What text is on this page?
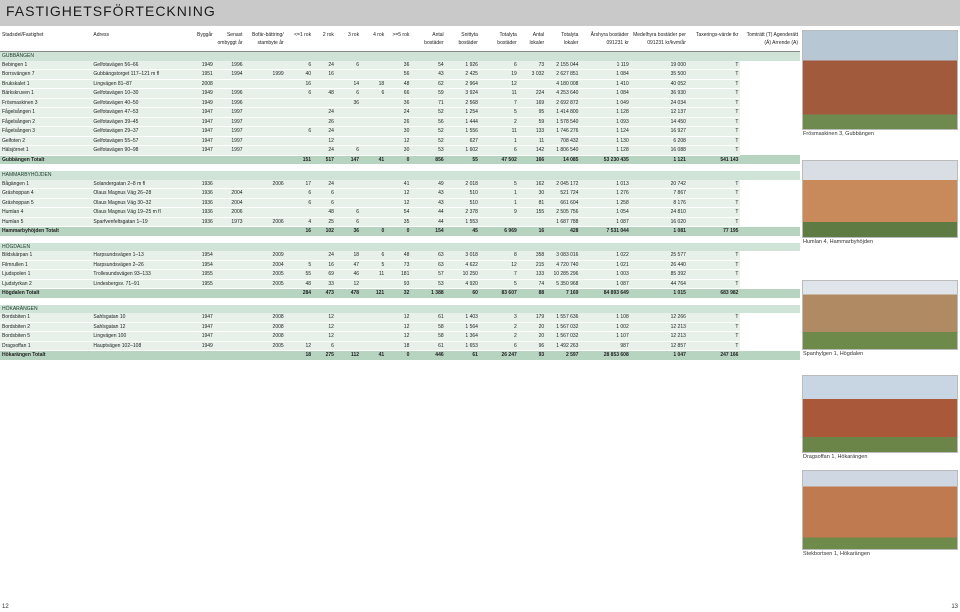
FASTIGHETSFÖRTECKNING
Stadsdel/Fastighet	Adress	Byggår	Senast ombyggt år	Bofär-bättring/ stambyte år	<=1 rok	2 rok	3 rok	4 rok	>=5 rok	Antal bostäder	Snittyta bostäder	Totalyta bostäder	Antal lokaler	Totalyta lokaler	Årshyra bostäder 091231 kr	Medelhyra bostäder per 091231 kr/kvm/år	Taxerings-värde tkr	Tomträtt (T) Agenderätt (Ä) Arrende (A)
GUBBÄNGEN																		
Bebingen 1	Gelfotavägen 56–66	1949	1996		6	24	6		36	54	1 926	6	73	2 155 044	1 119	19 000	T	
Borrsvängen 7	Gubbängstorget 117–121 m fl	1951	1994	1999	40	16			56	43	2 425	19	3 032	2 627 851	1 084	35 500	T	
Brukskalet 1	Lingvägen 81–87	2008			16		14	18	48	62	2 964	12		4 180 008	1 410	40 052	T	
Bärkskruven 1	Gelfotavägen 10–30	1949	1996		6	48	6	6	66	59	3 924	11	224	4 253 640	1 084	36 930	T	
Frösmaskinen 3	Gelfotavägen 40–50	1949	1996				36		36	71	2 568	7	169	2 692 872	1 049	24 034	T	
Fågelsången 1	Gelfotavägen 47–53	1947	1997			24			24	52	1 254	5	95	1 414 800	1 128	12 137	T	
Fågelsången 2	Gelfotavägen 39–45	1947	1997			26			26	56	1 444	2	59	1 578 540	1 093	14 450	T	
Fågelsången 3	Gelfotavägen 29–37	1947	1997		6	24			30	52	1 556	11	133	1 746 276	1 124	16 927	T	
Gelfoten 2	Gelfotavägen 55–57	1947	1997			12			12	52	627	1	11	708 432	1 130	6 208	T	
Hälsjörnet 1	Gelfotavägen 90–98	1947	1997			24	6		30	53	1 602	6	142	1 806 540	1 128	16 088	T	
Gubbängen Totalt					151	517	147	41	0	856	55	47 502	166	14 085	53 230 435	1 121	541 143	

HAMMARBYHÖJDEN																		
Bågängen 1	Solandergatan 2–8 m fl	1936		2006	17	24			41	49	2 018	5	162	2 045 172	1 013	20 742	T	
Gräshoppan 4	Olaus Magnus Väg 26–28	1936	2004		6	6			12	43	510	1	30	521 724	1 276	7 867	T	
Gräshoppan 5	Olaus Magnus Väg 30–32	1936	2004		6	6			12	43	510	1	81	661 604	1 258	8 176	T	
Humlan 4	Olaus Magnus Väg 19–25 m fl	1936	2006			48	6		54	44	2 378	9	155	2 505 756	1 054	24 810	T	
Humlan 5	Sparfvenfeltsgatan 1–19	1936	1973	2006	4	25	6		35	44	1 553			1 687 788	1 087	16 020	T	
Hammarbyhöjden Totalt					16	102	36	0	0	154	45	6 969	16	428	7 531 044	1 081	77 195	

HÖGDALEN																		
Bildskärpan 1	Harpsundsvägen 1–13	1954		2009		24	18	6	48	63	3 018	8	358	3 083 016	1 022	25 577	T	
Filmrullen 1	Harpsundsvägen 2–26	1954		2004	5	16	47	5	73	63	4 622	12	215	4 720 740	1 021	26 440	T	
Ljudspolen 1	Trollesundsvägen 93–133	1955		2005	55	69	46	11	181	57	10 250	7	133	10 285 296	1 003	85 392	T	
Ljudstyrkan 2	Lindesbergsv. 71–91	1955		2005	48	33	12		93	53	4 920	5	74	5 350 968	1 087	44 764	T	
Högdalen Totalt					284	473	478	121	32	1 388	60	83 607	88	7 169	84 893 649	1 015	683 982	

HÖKARÄNGEN																		
Bordsbiten 1	Sahlsgatan 10	1947		2008		12			12	61	1 403	3	179	1 557 636	1 108	12 266	T	
Bordsbiten 2	Sahlsgatan 12	1947		2008		12			12	58	1 564	2	20	1 567 032	1 002	12 213	T	
Bordsbiten 5	Lingvägen 100	1947		2008		12			12	58	1 364	2	20	1 567 032	1 107	12 213	T	
Dragsoffan 1	Hauptvägen 102–108	1949		2005	12	6			18	61	1 653	6	96	1 492 263	987	12 857	T	
Hökarängen Totalt					18	275	112	41	0	446	61	26 247	93	2 597	28 853 608	1 047	247 166	
Frösmaskinen 3, Gubbängen
Humlan 4, Hammarbyhöjden
Spanhylgen 1, Högdalen
Dragsoffan 1, Hökarängen
Stekbortsen 1, Hökarängen
12	13
